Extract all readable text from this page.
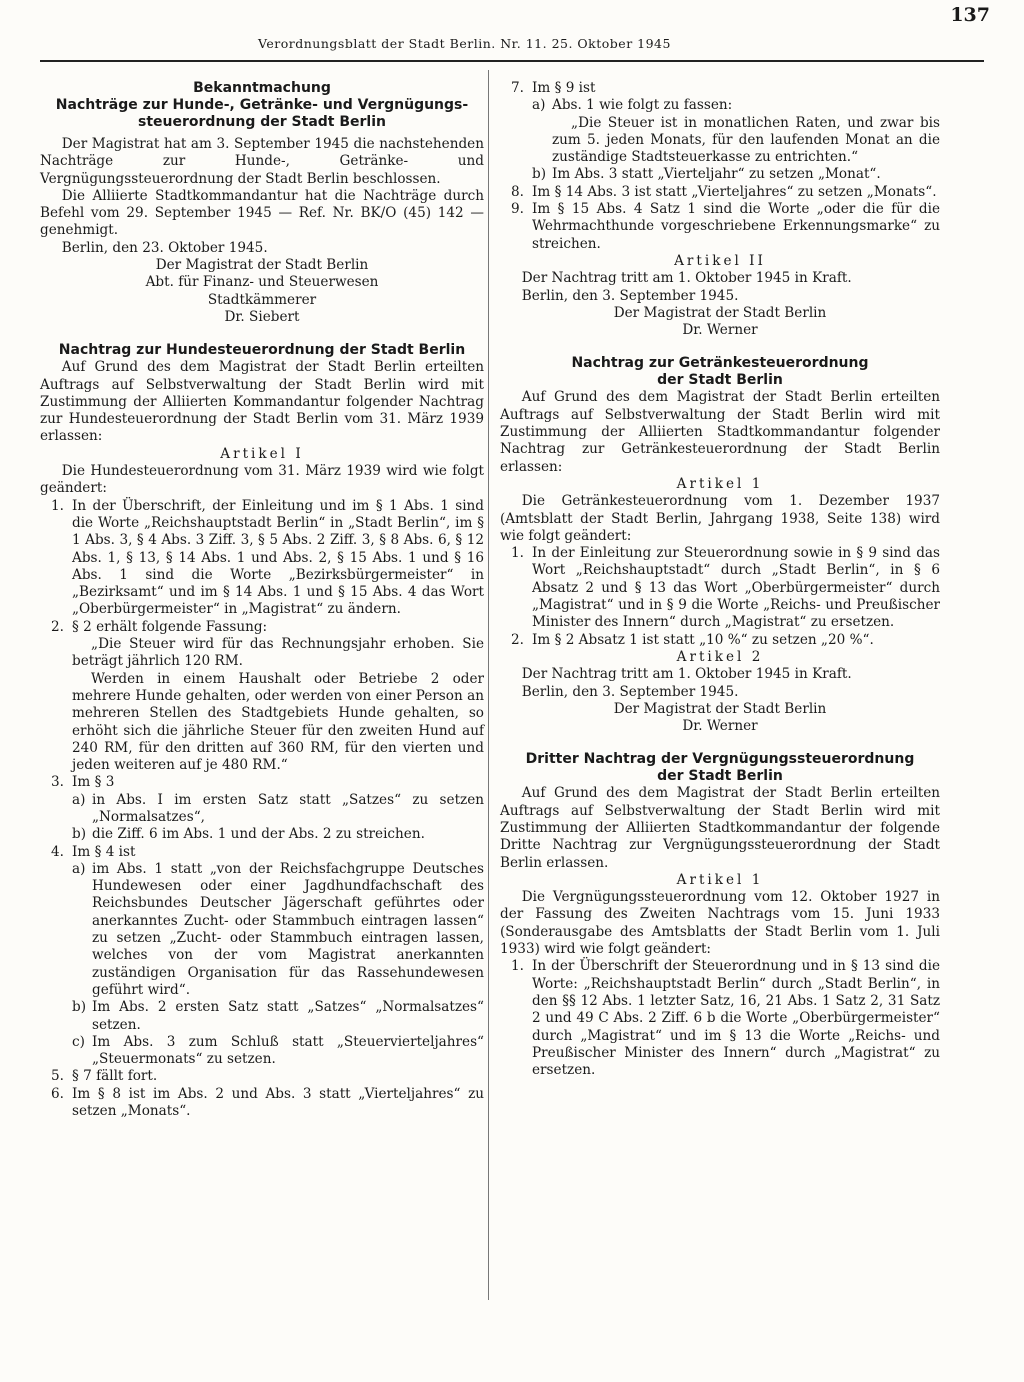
Verordnungsblatt der Stadt Berlin. Nr. 11. 25. Oktober 1945
137

Bekanntmachung

Nachträge zur Hunde-, Getränke- und Vergnügungs-

steuerordnung der Stadt Berlin

Der Magistrat hat am 3. September 1945 die nachstehenden Nachträge zur Hunde-, Getränke- und Vergnügungssteuerordnung der Stadt Berlin beschlossen.

Die Alliierte Stadtkommandantur hat die Nachträge durch Befehl vom 29. September 1945 — Ref. Nr. BK/O (45) 142 — genehmigt.

Berlin, den 23. Oktober 1945.

Der Magistrat der Stadt Berlin

Abt. für Finanz- und Steuerwesen

Stadtkämmerer

Dr. Siebert

Nachtrag zur Hundesteuerordnung der Stadt Berlin

Auf Grund des dem Magistrat der Stadt Berlin erteilten Auftrags auf Selbstverwaltung der Stadt Berlin wird mit Zustimmung der Alliierten Kommandantur folgender Nachtrag zur Hundesteuerordnung der Stadt Berlin vom 31. März 1939 erlassen:

Artikel I

Die Hundesteuerordnung vom 31. März 1939 wird wie folgt geändert:

1. In der Überschrift, der Einleitung und im § 1 Abs. 1 sind die Worte „Reichshauptstadt Berlin“ in „Stadt Berlin“, im § 1 Abs. 3, § 4 Abs. 3 Ziff. 3, § 5 Abs. 2 Ziff. 3, § 8 Abs. 6, § 12 Abs. 1, § 13, § 14 Abs. 1 und Abs. 2, § 15 Abs. 1 und § 16 Abs. 1 sind die Worte „Bezirksbürgermeister“ in „Bezirksamt“ und im § 14 Abs. 1 und § 15 Abs. 4 das Wort „Oberbürgermeister“ in „Magistrat“ zu ändern.
2. § 2 erhält folgende Fassung:

„Die Steuer wird für das Rechnungsjahr erhoben. Sie beträgt jährlich 120 RM.

Werden in einem Haushalt oder Betriebe 2 oder mehrere Hunde gehalten, oder werden von einer Person an mehreren Stellen des Stadtgebiets Hunde gehalten, so erhöht sich die jährliche Steuer für den zweiten Hund auf 240 RM, für den dritten auf 360 RM, für den vierten und jeden weiteren auf je 480 RM.“

3. Im § 3

a) in Abs. I im ersten Satz statt „Satzes“ zu setzen „Normalsatzes“,
b) die Ziff. 6 im Abs. 1 und der Abs. 2 zu streichen.
4. Im § 4 ist

a) im Abs. 1 statt „von der Reichsfachgruppe Deutsches Hundewesen oder einer Jagdhundfachschaft des Reichsbundes Deutscher Jägerschaft geführtes oder anerkanntes Zucht- oder Stammbuch eintragen lassen“ zu setzen „Zucht- oder Stammbuch eintragen lassen, welches von der vom Magistrat anerkannten zuständigen Organisation für das Rassehundewesen geführt wird“.
b) Im Abs. 2 ersten Satz statt „Satzes“ „Normalsatzes“ setzen.
c) Im Abs. 3 zum Schluß statt „Steuervierteljahres“ „Steuermonats“ zu setzen.
5. § 7 fällt fort.
6. Im § 8 ist im Abs. 2 und Abs. 3 statt „Vierteljahres“ zu setzen „Monats“.
7. Im § 9 ist

a) Abs. 1 wie folgt zu fassen:

„Die Steuer ist in monatlichen Raten, und zwar bis zum 5. jeden Monats, für den laufenden Monat an die zuständige Stadtsteuerkasse zu entrichten.“

b) Im Abs. 3 statt „Vierteljahr“ zu setzen „Monat“.
8. Im § 14 Abs. 3 ist statt „Vierteljahres“ zu setzen „Monats“.
9. Im § 15 Abs. 4 Satz 1 sind die Worte „oder die für die Wehrmachthunde vorgeschriebene Erkennungsmarke“ zu streichen.

Artikel II

Der Nachtrag tritt am 1. Oktober 1945 in Kraft.

Berlin, den 3. September 1945.

Der Magistrat der Stadt Berlin

Dr. Werner

Nachtrag zur Getränkesteuerordnung

der Stadt Berlin

Auf Grund des dem Magistrat der Stadt Berlin erteilten Auftrags auf Selbstverwaltung der Stadt Berlin wird mit Zustimmung der Alliierten Stadtkommandantur folgender Nachtrag zur Getränkesteuerordnung der Stadt Berlin erlassen:

Artikel 1

Die Getränkesteuerordnung vom 1. Dezember 1937 (Amtsblatt der Stadt Berlin, Jahrgang 1938, Seite 138) wird wie folgt geändert:

1. In der Einleitung zur Steuerordnung sowie in § 9 sind das Wort „Reichshauptstadt“ durch „Stadt Berlin“, in § 6 Absatz 2 und § 13 das Wort „Oberbürgermeister“ durch „Magistrat“ und in § 9 die Worte „Reichs- und Preußischer Minister des Innern“ durch „Magistrat“ zu ersetzen.
2. Im § 2 Absatz 1 ist statt „10 %“ zu setzen „20 %“.

Artikel 2

Der Nachtrag tritt am 1. Oktober 1945 in Kraft.

Berlin, den 3. September 1945.

Der Magistrat der Stadt Berlin

Dr. Werner

Dritter Nachtrag der Vergnügungssteuerordnung

der Stadt Berlin

Auf Grund des dem Magistrat der Stadt Berlin erteilten Auftrags auf Selbstverwaltung der Stadt Berlin wird mit Zustimmung der Alliierten Stadtkommandantur der folgende Dritte Nachtrag zur Vergnügungssteuerordnung der Stadt Berlin erlassen.

Artikel 1

Die Vergnügungssteuerordnung vom 12. Oktober 1927 in der Fassung des Zweiten Nachtrags vom 15. Juni 1933 (Sonderausgabe des Amtsblatts der Stadt Berlin vom 1. Juli 1933) wird wie folgt geändert:

1. In der Überschrift der Steuerordnung und in § 13 sind die Worte: „Reichshauptstadt Berlin“ durch „Stadt Berlin“, in den §§ 12 Abs. 1 letzter Satz, 16, 21 Abs. 1 Satz 2, 31 Satz 2 und 49 C Abs. 2 Ziff. 6 b die Worte „Oberbürgermeister“ durch „Magistrat“ und im § 13 die Worte „Reichs- und Preußischer Minister des Innern“ durch „Magistrat“ zu ersetzen.
